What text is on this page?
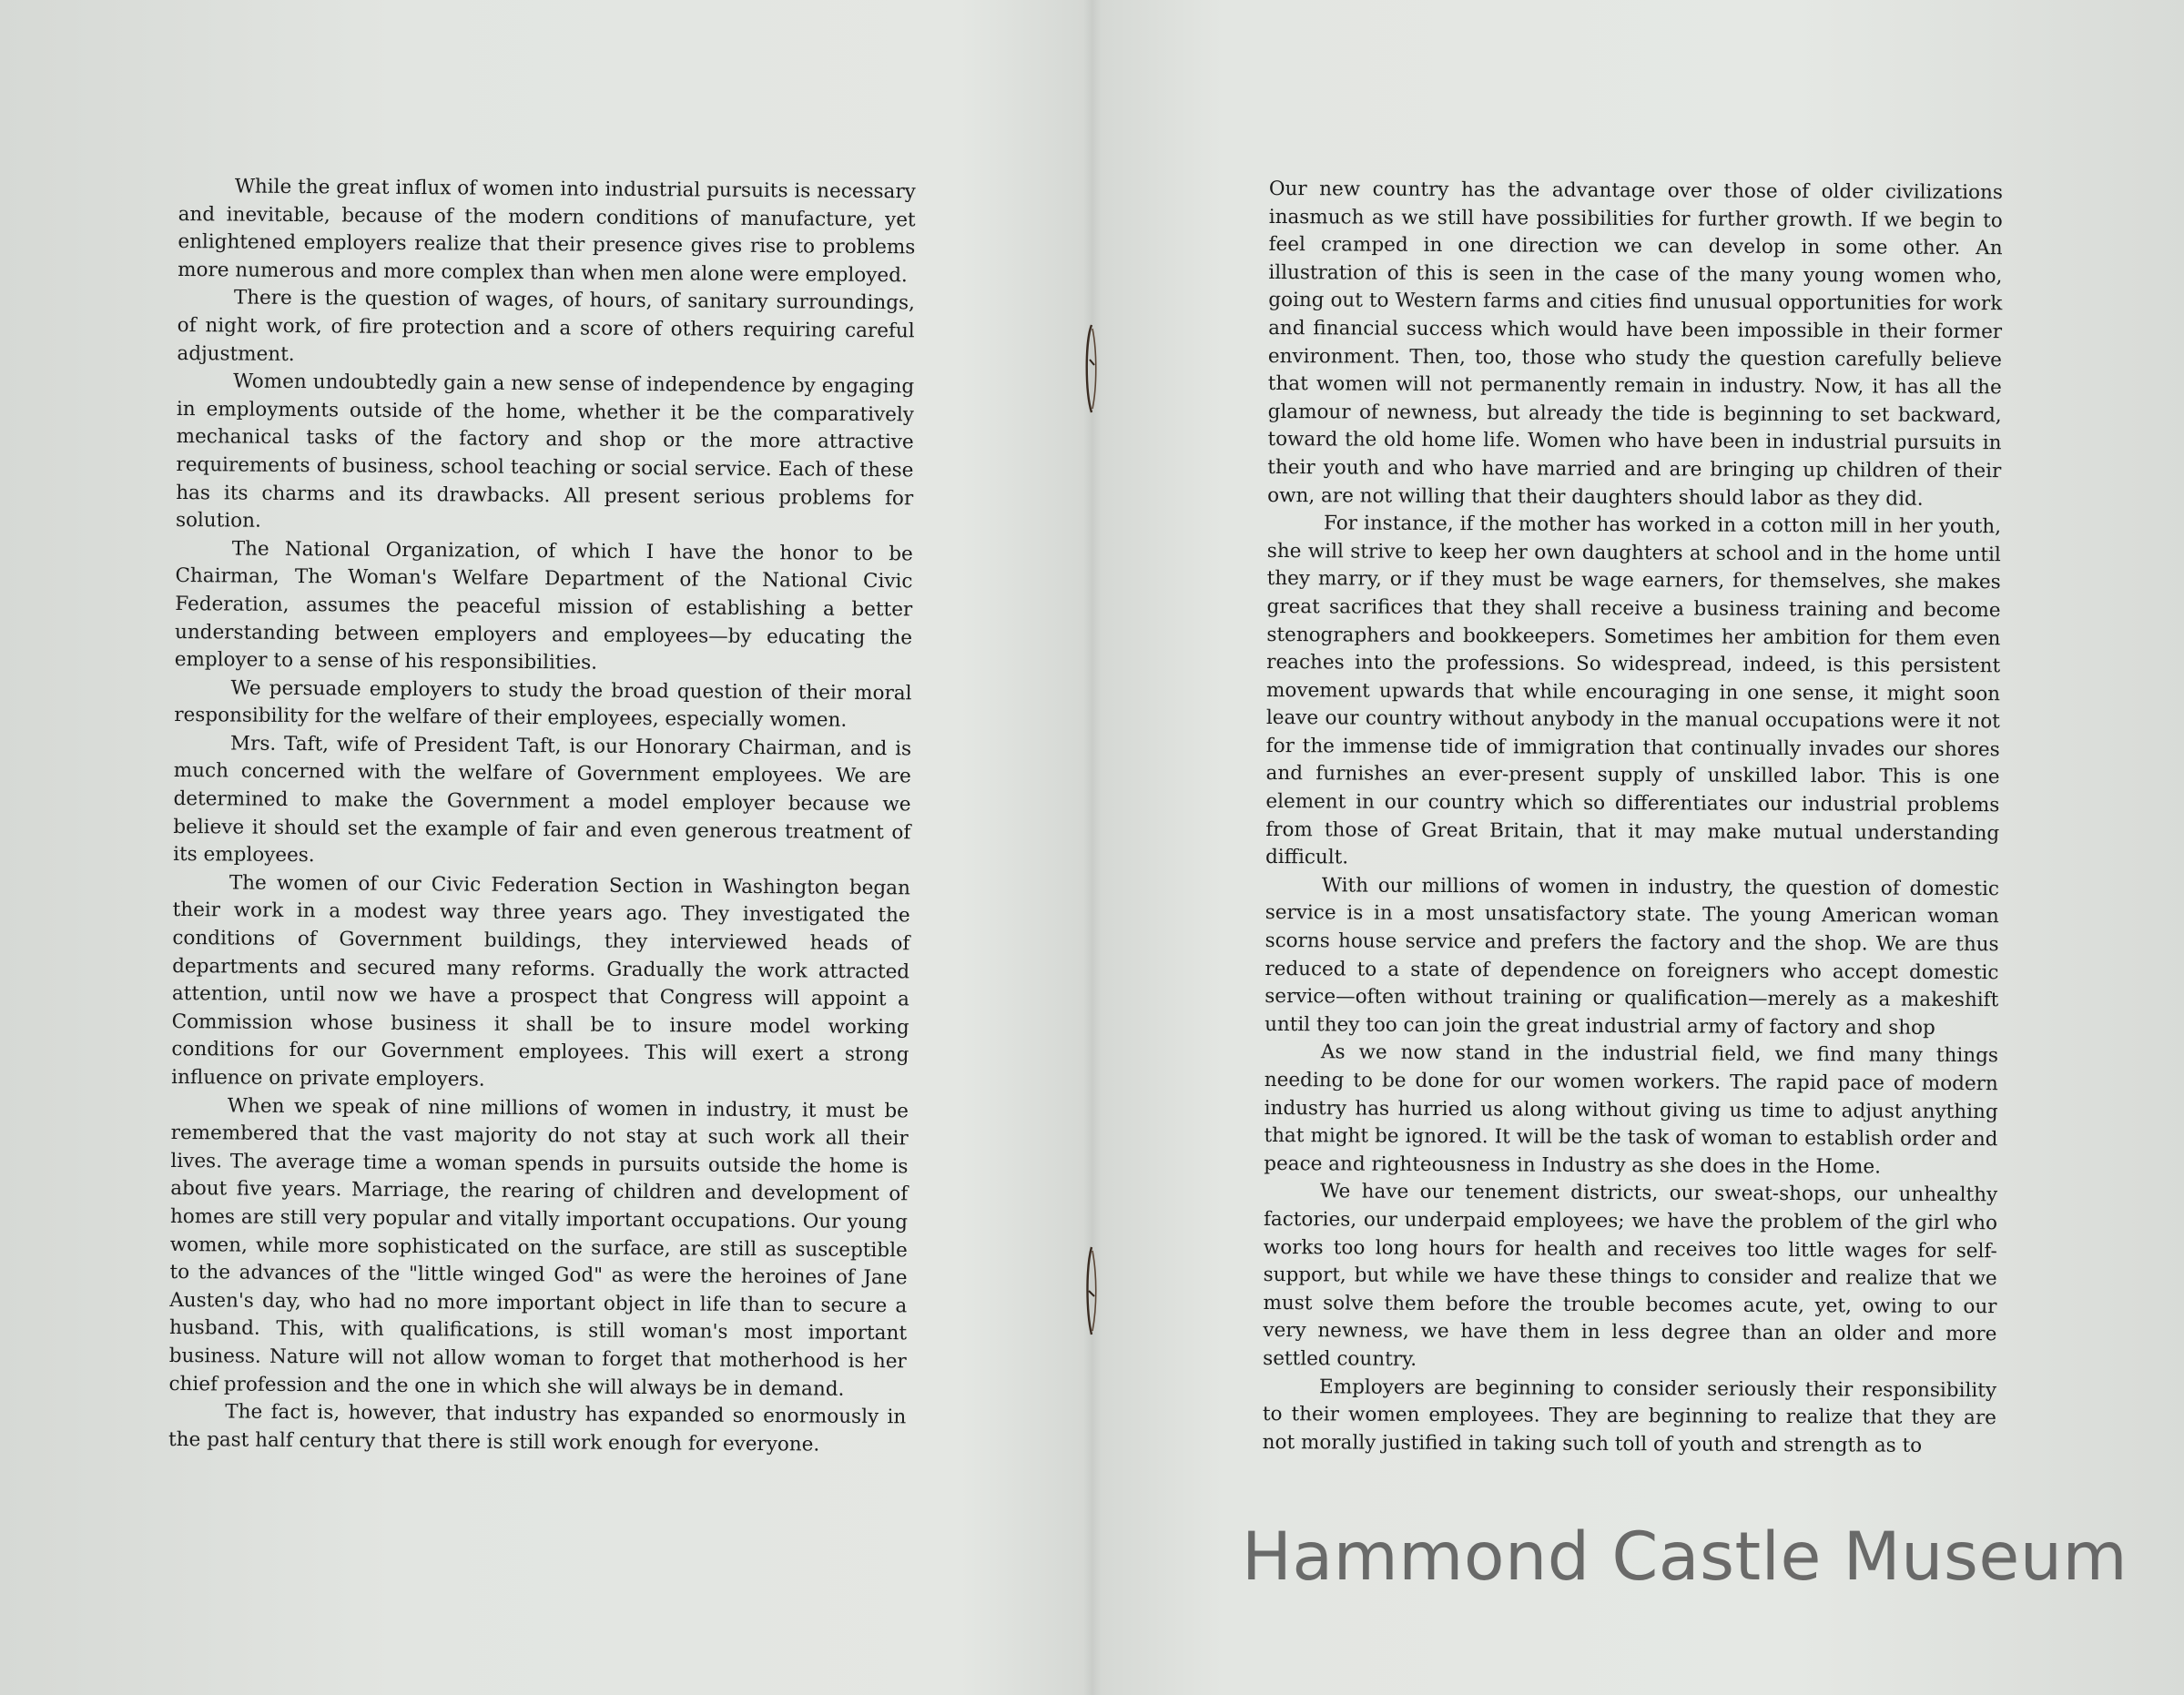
While the great influx of women into industrial pursuits is necessary and inevitable, because of the modern conditions of manufacture, yet enlightened employers realize that their presence gives rise to problems more numerous and more complex than when men alone were employed.

There is the question of wages, of hours, of sanitary surroundings, of night work, of fire protection and a score of others requiring careful adjustment.

Women undoubtedly gain a new sense of independence by engaging in employments outside of the home, whether it be the comparatively mechanical tasks of the factory and shop or the more attractive requirements of business, school teaching or social service. Each of these has its charms and its drawbacks. All present serious problems for solution.

The National Organization, of which I have the honor to be Chairman, The Woman's Welfare Department of the National Civic Federation, assumes the peaceful mission of establishing a better understanding between employers and employees—by educating the employer to a sense of his responsibilities.

We persuade employers to study the broad question of their moral responsibility for the welfare of their employees, especially women.

Mrs. Taft, wife of President Taft, is our Honorary Chairman, and is much concerned with the welfare of Government employees. We are determined to make the Government a model employer because we believe it should set the example of fair and even generous treatment of its employees.

The women of our Civic Federation Section in Washington began their work in a modest way three years ago. They investigated the conditions of Government buildings, they interviewed heads of departments and secured many reforms. Gradually the work attracted attention, until now we have a prospect that Congress will appoint a Commission whose business it shall be to insure model working conditions for our Government employees. This will exert a strong influence on private employers.

When we speak of nine millions of women in industry, it must be remembered that the vast majority do not stay at such work all their lives. The average time a woman spends in pursuits outside the home is about five years. Marriage, the rearing of children and development of homes are still very popular and vitally important occupations. Our young women, while more sophisticated on the surface, are still as susceptible to the advances of the "little winged God" as were the heroines of Jane Austen's day, who had no more important object in life than to secure a husband. This, with qualifications, is still woman's most important business. Nature will not allow woman to forget that motherhood is her chief profession and the one in which she will always be in demand.

The fact is, however, that industry has expanded so enormously in the past half century that there is still work enough for everyone.

Our new country has the advantage over those of older civilizations inasmuch as we still have possibilities for further growth. If we begin to feel cramped in one direction we can develop in some other. An illustration of this is seen in the case of the many young women who, going out to Western farms and cities find unusual opportunities for work and financial success which would have been impossible in their former environment. Then, too, those who study the question carefully believe that women will not permanently remain in industry. Now, it has all the glamour of newness, but already the tide is beginning to set backward, toward the old home life. Women who have been in industrial pursuits in their youth and who have married and are bringing up children of their own, are not willing that their daughters should labor as they did.

For instance, if the mother has worked in a cotton mill in her youth, she will strive to keep her own daughters at school and in the home until they marry, or if they must be wage earners, for themselves, she makes great sacrifices that they shall receive a business training and become stenographers and bookkeepers. Sometimes her ambition for them even reaches into the professions. So widespread, indeed, is this persistent movement upwards that while encouraging in one sense, it might soon leave our country without anybody in the manual occupations were it not for the immense tide of immigration that continually invades our shores and furnishes an ever-present supply of unskilled labor. This is one element in our country which so differentiates our industrial problems from those of Great Britain, that it may make mutual understanding difficult.

With our millions of women in industry, the question of domestic service is in a most unsatisfactory state. The young American woman scorns house service and prefers the factory and the shop. We are thus reduced to a state of dependence on foreigners who accept domestic service—often without training or qualification—merely as a makeshift until they too can join the great industrial army of factory and shop

As we now stand in the industrial field, we find many things needing to be done for our women workers. The rapid pace of modern industry has hurried us along without giving us time to adjust anything that might be ignored. It will be the task of woman to establish order and peace and righteousness in Industry as she does in the Home.

We have our tenement districts, our sweat-shops, our unhealthy factories, our underpaid employees; we have the problem of the girl who works too long hours for health and receives too little wages for self-support, but while we have these things to consider and realize that we must solve them before the trouble becomes acute, yet, owing to our very newness, we have them in less degree than an older and more settled country.

Employers are beginning to consider seriously their responsibility to their women employees. They are beginning to realize that they are not morally justified in taking such toll of youth and strength as to

Hammond Castle Museum
